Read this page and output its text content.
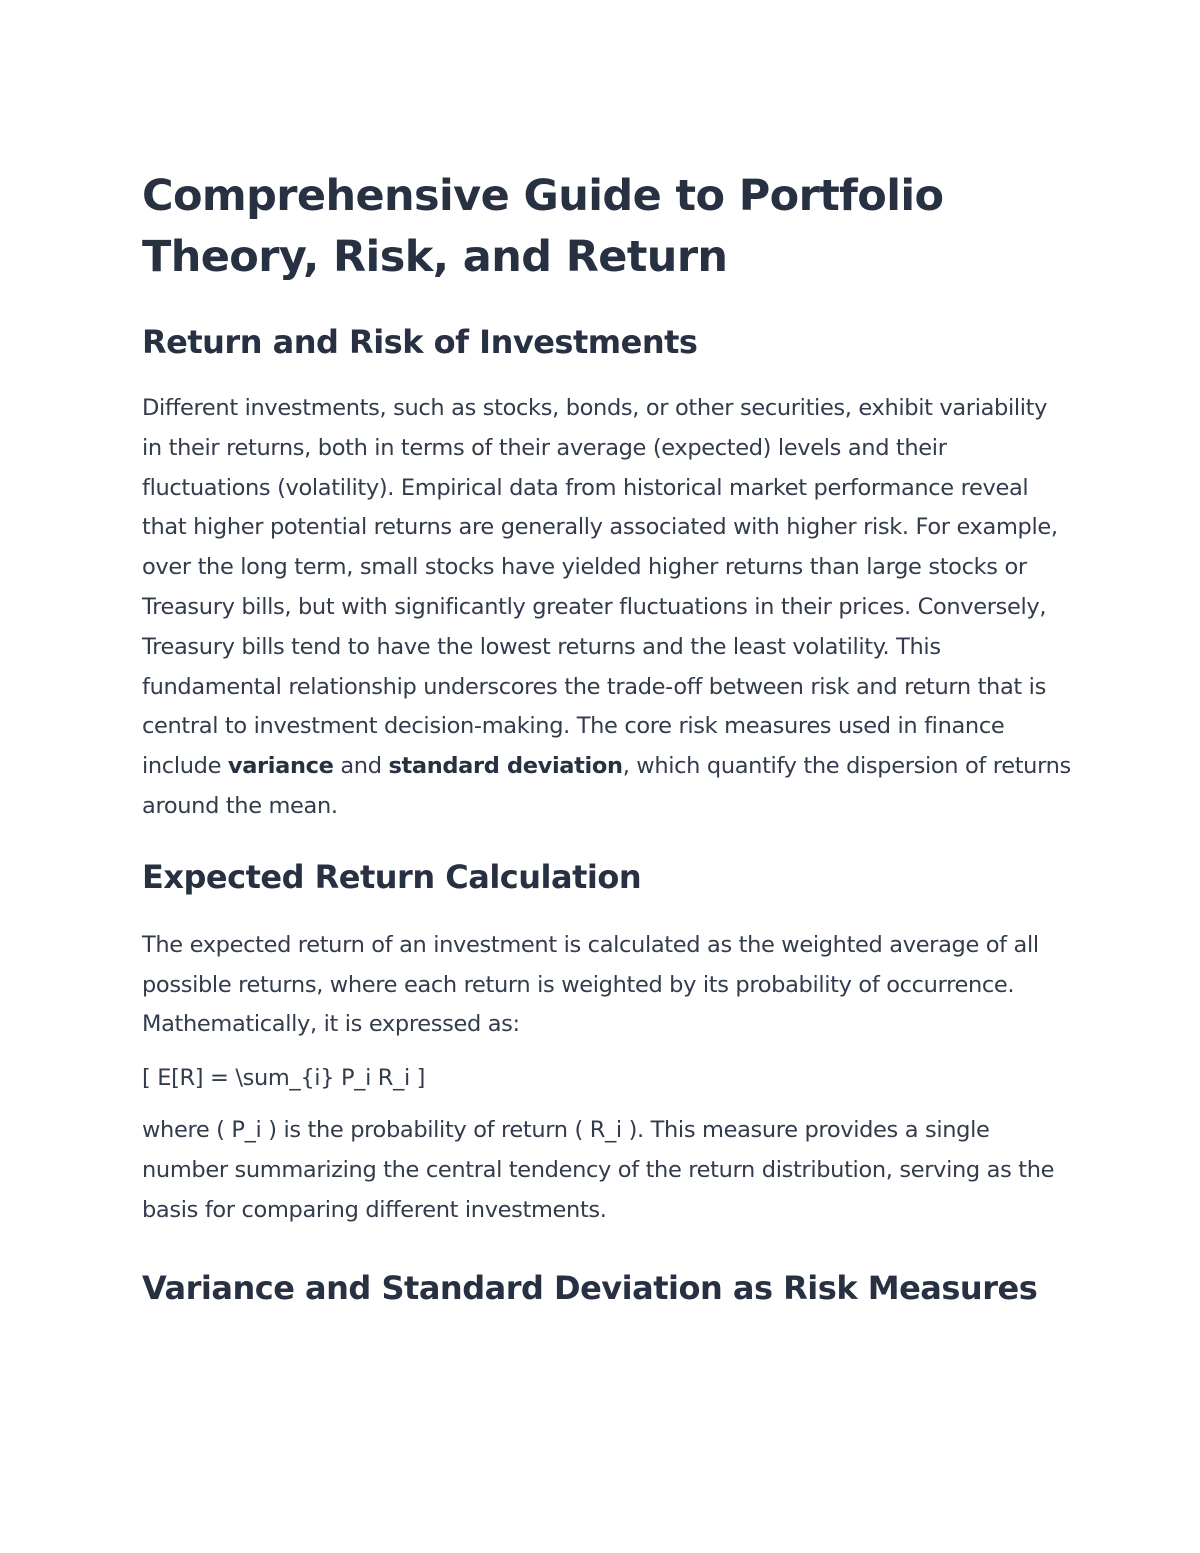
Comprehensive Guide to Portfolio Theory, Risk, and Return
Return and Risk of Investments

Different investments, such as stocks, bonds, or other securities, exhibit variability in their returns, both in terms of their average (expected) levels and their fluctuations (volatility). Empirical data from historical market performance reveal that higher potential returns are generally associated with higher risk. For example, over the long term, small stocks have yielded higher returns than large stocks or Treasury bills, but with significantly greater fluctuations in their prices. Conversely, Treasury bills tend to have the lowest returns and the least volatility. This fundamental relationship underscores the trade-off between risk and return that is central to investment decision-making. The core risk measures used in finance include variance and standard deviation, which quantify the dispersion of returns around the mean.

Expected Return Calculation

The expected return of an investment is calculated as the weighted average of all possible returns, where each return is weighted by its probability of occurrence. Mathematically, it is expressed as:

[ E[R] = \sum_{i} P_i R_i ]

where ( P_i ) is the probability of return ( R_i ). This measure provides a single number summarizing the central tendency of the return distribution, serving as the basis for comparing different investments.

Variance and Standard Deviation as Risk Measures
